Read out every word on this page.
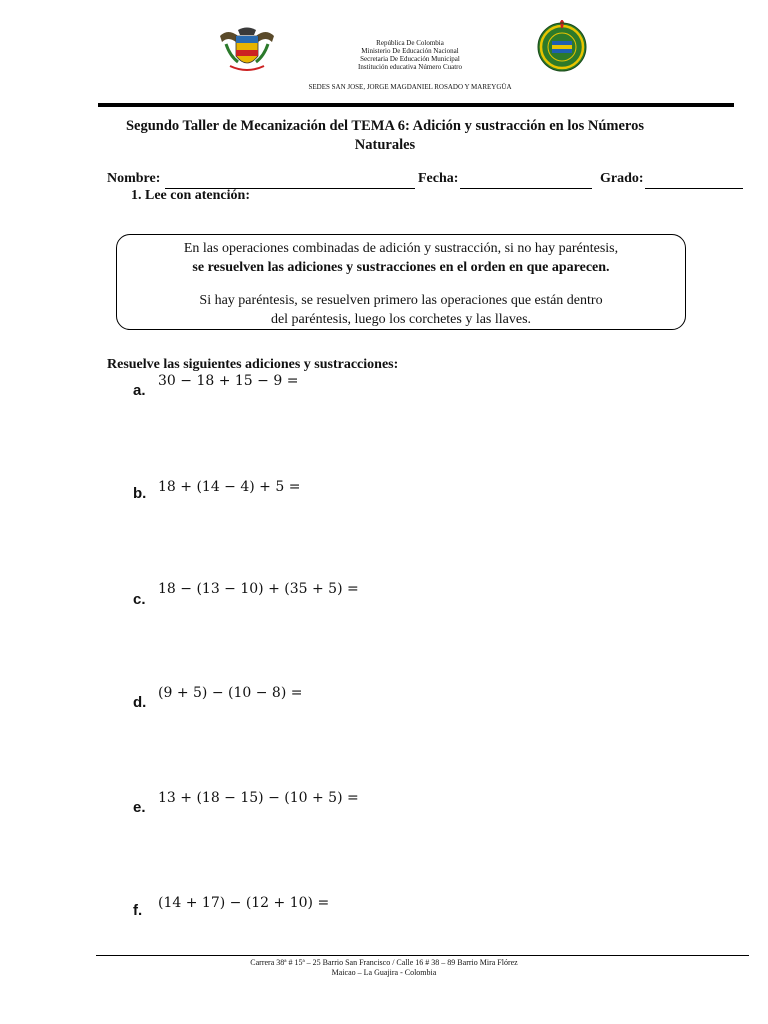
República De Colombia
Ministerio De Educación Nacional
Secretaria De Educación Municipal
Institución educativa Número Cuatro
SEDES SAN JOSE, JORGE MAGDANIEL ROSADO Y MAREYGÜA
Segundo Taller de Mecanización del TEMA 6: Adición y sustracción en los Números
Naturales
Nombre:	Fecha:	Grado:
1. Lee con atención:
En las operaciones combinadas de adición y sustracción, si no hay paréntesis,
se resuelven las adiciones y sustracciones en el orden en que aparecen.
Si hay paréntesis, se resuelven primero las operaciones que están dentro
del paréntesis, luego los corchetes y las llaves.
Resuelve las siguientes adiciones y sustracciones:
a.
30 − 18 + 15 − 9 =
b. 18 + (14 − 4) + 5 =
c.
18 − (13 − 10) + (35 + 5) =
d.
(9 + 5) − (10 − 8) =
e.
13 + (18 − 15) − (10 + 5) =
f. (14 + 17) − (12 + 10) =
Carrera 38ª # 15ª – 25 Barrio San Francisco / Calle 16 # 38 – 89 Barrio Mira Flórez
Maicao – La Guajira - Colombia
